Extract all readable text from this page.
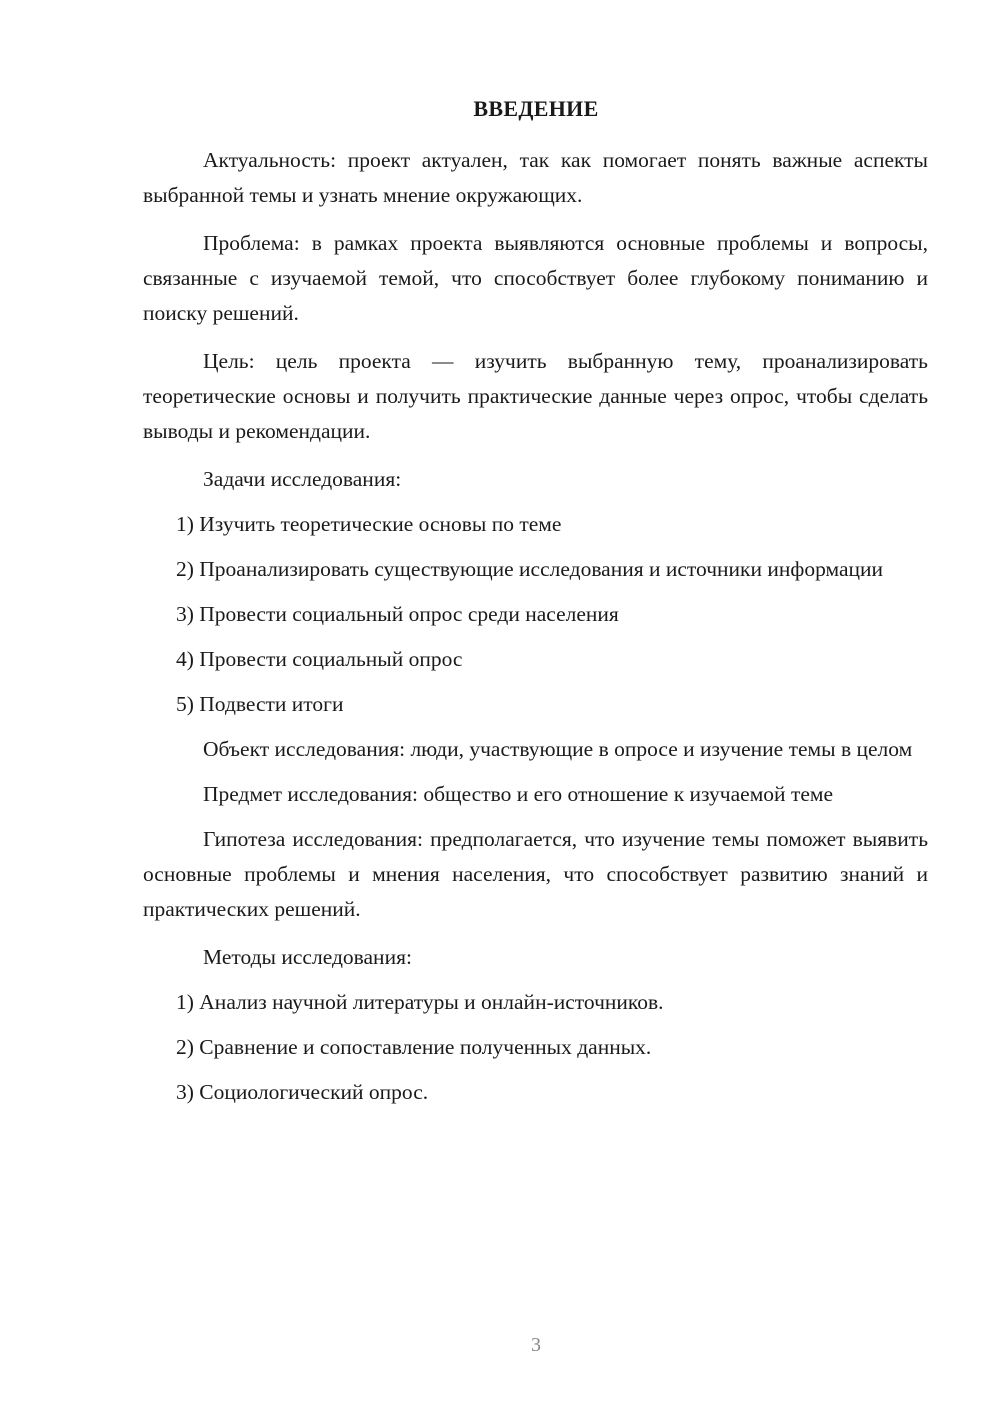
ВВЕДЕНИЕ

Актуальность: проект актуален, так как помогает понять важные аспекты выбранной темы и узнать мнение окружающих.

Проблема: в рамках проекта выявляются основные проблемы и вопросы, связанные с изучаемой темой, что способствует более глубокому пониманию и поиску решений.

Цель: цель проекта — изучить выбранную тему, проанализировать теоретические основы и получить практические данные через опрос, чтобы сделать выводы и рекомендации.

Задачи исследования:

1) Изучить теоретические основы по теме

2) Проанализировать существующие исследования и источники информации

3) Провести социальный опрос среди населения

4) Провести социальный опрос

5) Подвести итоги

Объект исследования: люди, участвующие в опросе и изучение темы в целом

Предмет исследования: общество и его отношение к изучаемой теме

Гипотеза исследования: предполагается, что изучение темы поможет выявить основные проблемы и мнения населения, что способствует развитию знаний и практических решений.

Методы исследования:

1) Анализ научной литературы и онлайн-источников.

2) Сравнение и сопоставление полученных данных.

3) Социологический опрос.

3
